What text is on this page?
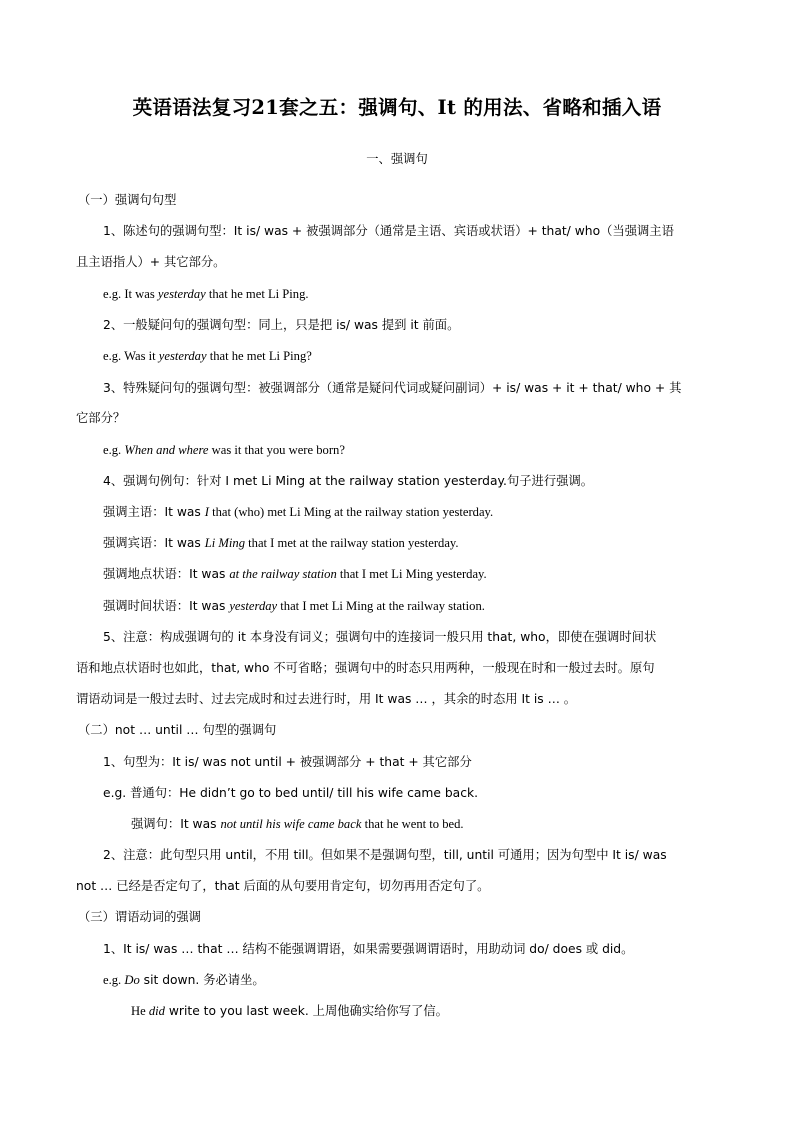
英语语法复习21套之五：强调句、It 的用法、省略和插入语
一、强调句
（一）强调句句型
1、陈述句的强调句型：It is/ was + 被强调部分（通常是主语、宾语或状语）+ that/ who（当强调主语
且主语指人）+ 其它部分。
e.g. It was yesterday that he met Li Ping.
2、一般疑问句的强调句型：同上，只是把 is/ was 提到 it 前面。
e.g. Was it yesterday that he met Li Ping?
3、特殊疑问句的强调句型：被强调部分（通常是疑问代词或疑问副词）+ is/ was + it + that/ who + 其
它部分？
e.g. When and where was it that you were born?
4、强调句例句：针对 I met Li Ming at the railway station yesterday.句子进行强调。
强调主语：It was I that (who) met Li Ming at the railway station yesterday.
强调宾语：It was Li Ming that I met at the railway station yesterday.
强调地点状语：It was at the railway station that I met Li Ming yesterday.
强调时间状语：It was yesterday that I met Li Ming at the railway station.
5、注意：构成强调句的 it 本身没有词义；强调句中的连接词一般只用 that, who，即使在强调时间状
语和地点状语时也如此，that, who 不可省略；强调句中的时态只用两种，一般现在时和一般过去时。原句
谓语动词是一般过去时、过去完成时和过去进行时，用 It was … ，其余的时态用 It is … 。
（二）not … until … 句型的强调句
1、句型为：It is/ was not until + 被强调部分 + that + 其它部分
e.g. 普通句：He didn’t go to bed until/ till his wife came back.
强调句：It was not until his wife came back that he went to bed.
2、注意：此句型只用 until，不用 till。但如果不是强调句型，till, until 可通用；因为句型中 It is/ was
not … 已经是否定句了，that 后面的从句要用肯定句，切勿再用否定句了。
（三）谓语动词的强调
1、It is/ was … that … 结构不能强调谓语，如果需要强调谓语时，用助动词 do/ does 或 did。
e.g. Do sit down. 务必请坐。
He did write to you last week. 上周他确实给你写了信。
